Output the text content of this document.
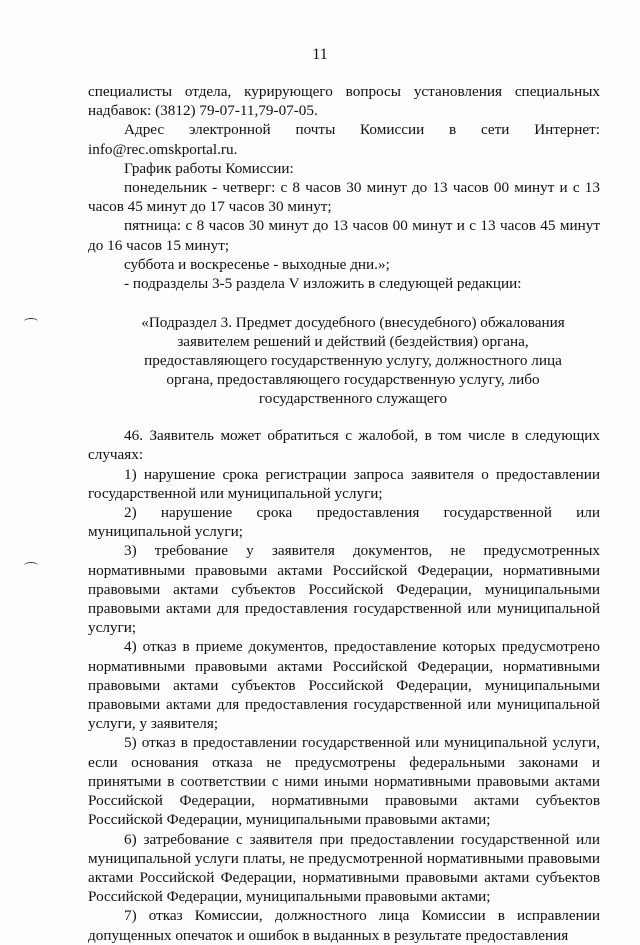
11

специалисты отдела, курирующего вопросы установления специальных надбавок: (3812) 79-07-11,79-07-05.

Адрес электронной почты Комиссии в сети Интернет: info@rec.omskportal.ru.

График работы Комиссии:

понедельник - четверг: с 8 часов 30 минут до 13 часов 00 минут и с 13 часов 45 минут до 17 часов 30 минут;

пятница: с 8 часов 30 минут до 13 часов 00 минут и с 13 часов 45 минут до 16 часов 15 минут;

суббота и воскресенье - выходные дни.»;

- подразделы 3-5 раздела V изложить в следующей редакции:

«Подраздел 3. Предмет досудебного (внесудебного) обжалования заявителем решений и действий (бездействия) органа, предоставляющего государственную услугу, должностного лица органа, предоставляющего государственную услугу, либо государственного служащего

46. Заявитель может обратиться с жалобой, в том числе в следующих случаях:

1) нарушение срока регистрации запроса заявителя о предоставлении государственной или муниципальной услуги;

2) нарушение срока предоставления государственной или муниципальной услуги;

3) требование у заявителя документов, не предусмотренных нормативными правовыми актами Российской Федерации, нормативными правовыми актами субъектов Российской Федерации, муниципальными правовыми актами для предоставления государственной или муниципальной услуги;

4) отказ в приеме документов, предоставление которых предусмотрено нормативными правовыми актами Российской Федерации, нормативными правовыми актами субъектов Российской Федерации, муниципальными правовыми актами для предоставления государственной или муниципальной услуги, у заявителя;

5) отказ в предоставлении государственной или муниципальной услуги, если основания отказа не предусмотрены федеральными законами и принятыми в соответствии с ними иными нормативными правовыми актами Российской Федерации, нормативными правовыми актами субъектов Российской Федерации, муниципальными правовыми актами;

6) затребование с заявителя при предоставлении государственной или муниципальной услуги платы, не предусмотренной нормативными правовыми актами Российской Федерации, нормативными правовыми актами субъектов Российской Федерации, муниципальными правовыми актами;

7) отказ Комиссии, должностного лица Комиссии в исправлении допущенных опечаток и ошибок в выданных в результате предоставления
